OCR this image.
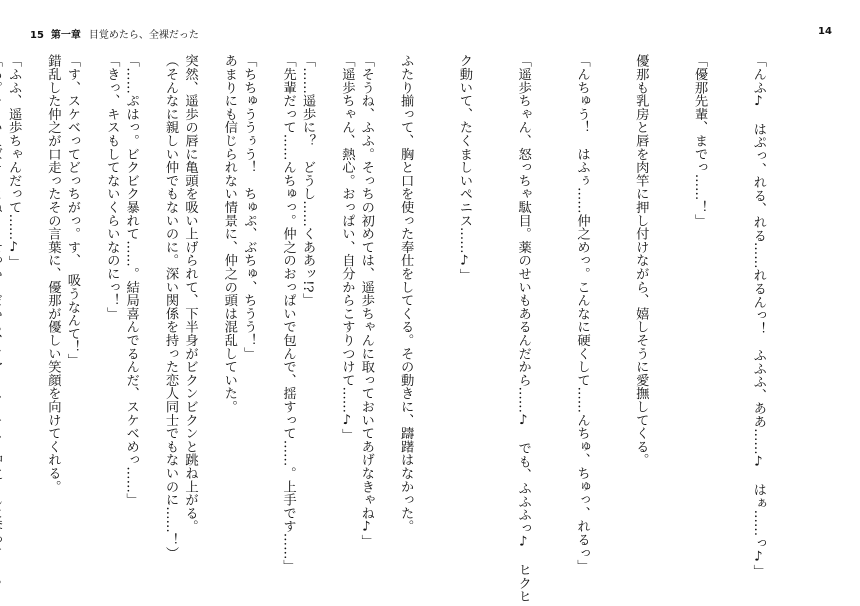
15 第一章 目覚めたら、全裸だった

「そうね、ふふ。そっちの初めては、遥歩ちゃんに取っておいてあげなきゃね♪」

「……遥歩に？　どうし……くああッ!?」

「ちちゅううぅう！　ちゅぷ、ぶちゅ、ちうう！」

突然、遥歩の唇に亀頭を吸い上げられて、下半身がビクンビクンと跳ね上がる。

「……ぷはっ。ビクビク暴れて……。結局喜んでるんだ、スケベめっ……」

「す、スケベってどっちがっ。す、　吸うなんて！」

「ふふ、遥歩ちゃんだって……♪」

14

「んふ♪　はぷっ、れる、れる……れるんっ！　ふふふ、ああ……♪　はぁ……っ♪」

「優那先輩、までっ……！」

優那も乳房と唇を肉竿に押し付けながら、嬉しそうに愛撫してくる。

「んちゅう！　はふぅ……仲之めっ。こんなに硬くして……んちゅ、ちゅっ、れるっ」

「遥歩ちゃん、怒っちゃ駄目。薬のせいもあるんだから……♪　でも、ふふふっ♪　ヒクヒ

ク動いて、たくましいペニス……♪」

ふたり揃って、胸と口を使った奉仕をしてくる。その動きに、躊躇はなかった。

「遥歩ちゃん、熱心。おっぱい、自分からこすりつけて……♪」

「先輩だって……んちゅっ。仲之のおっぱいで包んで、揺すって……。上手です……」

あまりにも信じられない情景に、仲之の頭は混乱していた。

（そんなに親しい仲でもないのに。深い関係を持った恋人同士でもないのに……！）

「きっ、キスもしてないくらいなのにっ！」

錯乱した仲之が口走ったその言葉に、優那が優しい笑顔を向けてくれる。
